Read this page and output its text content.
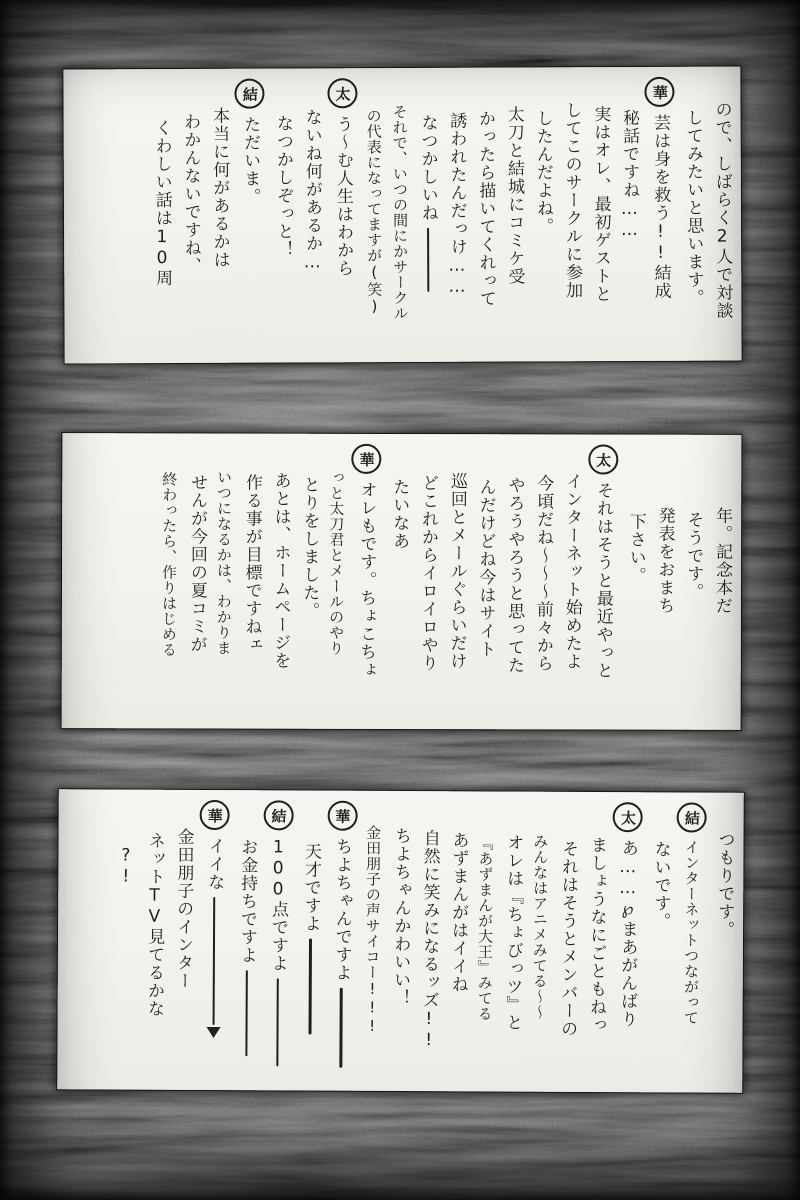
ので、しばらく2人で対談
してみたいと思います。
華芸は身を救う!!結成
秘話ですね……
実はオレ、最初ゲストと
してこのサークルに参加
したんだよね。
太刀と結城にコミケ受
かったら描いてくれって
誘われたんだっけ……
なつかしいね
それで、いつの間にかサークル
の代表になってますが(笑)
太う〜む人生はわから
ないね何があるか…
なつかしぞっと！
結ただいま。
本当に何があるかは
わかんないですね、
くわしい話は10周
年。記念本だ
そうです。
発表をおまち
下さい。
太それはそうと最近やっと
インターネット始めたよ
今頃だね〜〜〜前々から
やろうやろうと思ってた
んだけどね今はサイト
巡回とメールぐらいだけ
どこれからイロイロやり
たいなあ
華オレもです。ちょこちょ
っと太刀君とメールのやり
とりをしました。
あとは、ホームページを
作る事が目標ですねェ
いつになるかは、わかりま
せんが今回の夏コミが
終わったら、作りはじめる
つもりです。
結インターネットつながって
ないです。
太あ……℘まあがんばり
ましょうなにごともねっ
それはそうとメンバーの
みんなはアニメみてる〜〜
オレは『ちょびっツ』と
『あずまんが大王』みてる
あずまんがはイイね
自然に笑みになるッズ!!
ちよちゃんかわいい！
金田朋子の声サイコー!!!
華ちよちゃんですよ
天才ですよ
結100点ですよ
お金持ちですよ
華イイな
金田朋子のインター
ネットTV見てるかな
?!
